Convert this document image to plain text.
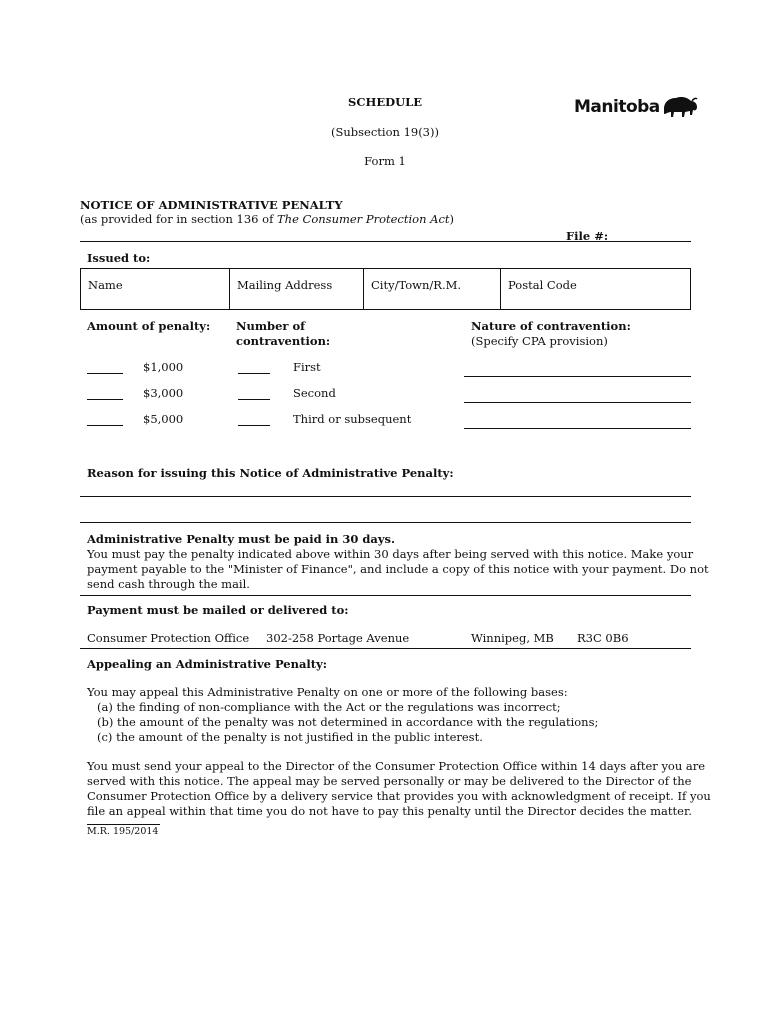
SCHEDULE
(Subsection 19(3))
Form 1
Manitoba
NOTICE OF ADMINISTRATIVE PENALTY
(as provided for in section 136 of The Consumer Protection Act)
File #:
Issued to:
Name	Mailing Address	City/Town/R.M.	Postal Code
Amount of penalty: Number of
contravention:
Nature of contravention:
(Specify CPA provision)
$1,000	First
$3,000	Second
$5,000	Third or subsequent
Reason for issuing this Notice of Administrative Penalty:
Administrative Penalty must be paid in 30 days.
You must pay the penalty indicated above within 30 days after being served with this notice. Make your
payment payable to the "Minister of Finance", and include a copy of this notice with your payment. Do not
send cash through the mail.
Payment must be mailed or delivered to:
Consumer Protection Office 302-258 Portage Avenue	Winnipeg, MB R3C 0B6
Appealing an Administrative Penalty:
You may appeal this Administrative Penalty on one or more of the following bases:
(a) the finding of non-compliance with the Act or the regulations was incorrect;
(b) the amount of the penalty was not determined in accordance with the regulations;
(c) the amount of the penalty is not justified in the public interest.
You must send your appeal to the Director of the Consumer Protection Office within 14 days after you are
served with this notice. The appeal may be served personally or may be delivered to the Director of the
Consumer Protection Office by a delivery service that provides you with acknowledgment of receipt. If you
file an appeal within that time you do not have to pay this penalty until the Director decides the matter.
M.R. 195/2014
